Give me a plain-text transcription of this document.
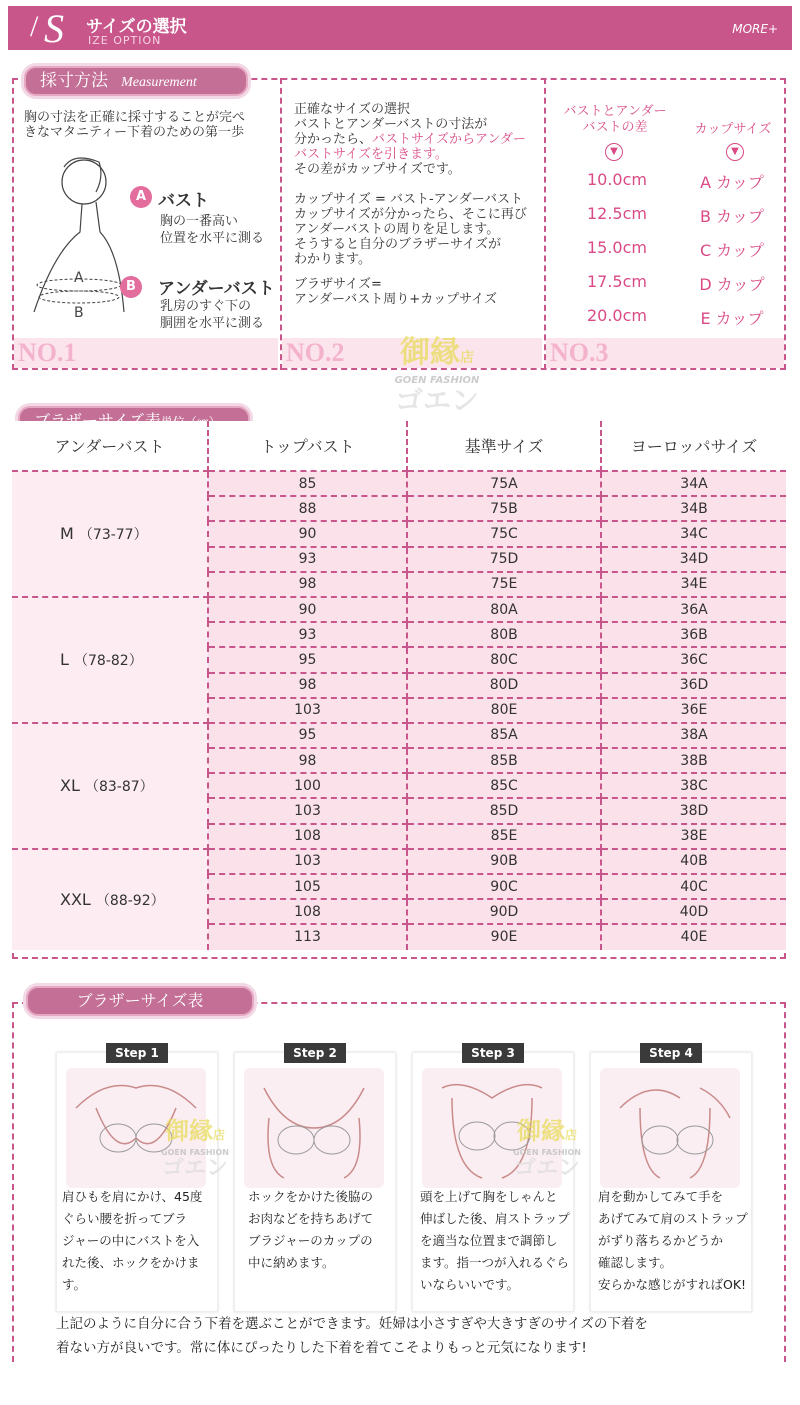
/ S サイズの選択
IZE OPTION
MORE+
採寸方法 Measurement
胸の寸法を正確に採寸することが完ぺ
きなマタニティー下着のための第一歩
A
B
A バスト
胸の一番高い
位置を水平に測る
B	アンダーバスト
乳房のすぐ下の
胴囲を水平に測る
NO.1
正確なサイズの選択
バストとアンダーバストの寸法が
分かったら、バストサイズからアンダー
バストサイズを引きます。
その差がカップサイズです。
カップサイズ = バスト-アンダーバスト
カップサイズが分かったら、そこに再び
アンダーバストの周りを足します。
そうすると自分のブラザーサイズが
わかります。
ブラザサイズ=
アンダーバスト周り+カップサイズ
NO.2
バストとアンダー
バストの差	カップサイズ
▼	▼
10.0cm	A カップ
12.5cm	B カップ
15.0cm	C カップ
17.5cm	D カップ
20.0cm	E カップ
NO.3
御縁店
GOEN FASHION
ゴエン
アンダーバスト	トップバスト	基準サイズ	ヨーロッパサイズ
M （73-77）	85	75A	34A
	88	75B	34B
	90	75C	34C
	93	75D	34D
	98	75E	34E
L （78-82）	90	80A	36A
	93	80B	36B
	95	80C	36C
	98	80D	36D
	103	80E	36E
XL （83-87）	95	85A	38A
	98	85B	38B
	100	85C	38C
	103	85D	38D
	108	85E	38E
XXL （88-92）	103	90B	40B
	105	90C	40C
	108	90D	40D
	113	90E	40E
ブラザーサイズ表
Step 1	Step 2	Step 3	Step 4
御縁店
GOEN FASHION
ゴエン
御縁店
GOEN FASHION
ゴエン
肩ひもを肩にかけ、45度
ぐらい腰を折ってブラ
ジャーの中にバストを入
れた後、ホックをかけます。
ホックをかけた後脇の
お肉などを持ちあげて
ブラジャーのカップの
中に納めます。
頭を上げて胸をしゃんと
伸ばした後、肩ストラップ
を適当な位置まで調節し
ます。指一つが入れるぐら
いならいいです。
肩を動かしてみて手を
あげてみて肩のストラップ
がずり落ちるかどうか
確認します。
安らかな感じがすればOK!
上記のように自分に合う下着を選ぶことができます。妊婦は小さすぎや大きすぎのサイズの下着を
着ない方が良いです。常に体にぴったりした下着を着てこそよりもっと元気になります!
